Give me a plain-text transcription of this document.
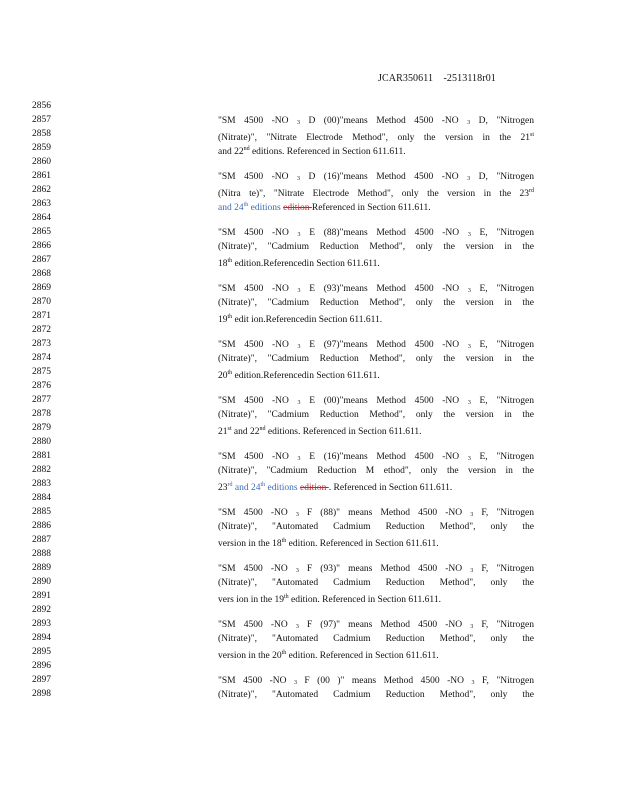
JCAR350611 -2513118r01
2856
2857
2858
2859
2860
2861
2862
2863
2864
2865
2866
2867
2868
2869
2870
2871
2872
2873
2874
2875
2876
2877
2878
2879
2880
2881
2882
2883
2884
2885
2886
2887
2888
2889
2890
2891
2892
2893
2894
2895
2896
2897
2898
"SM 4500 -NO 3 D (00)"means Method 4500 -NO 3 D, "Nitrogen
(Nitrate)", "Nitrate Electrode Method", only the version in the 21st
and 22nd editions. Referenced in Section 611.611.
"SM 4500 -NO 3 D (16)"means Method 4500 -NO 3 D, "Nitrogen
(Nitra te)", "Nitrate Electrode Method", only the version in the 23rd
and 24th editions edition Referenced in Section 611.611.
"SM 4500 -NO 3 E (88)"means Method 4500 -NO 3 E, "Nitrogen
(Nitrate)", "Cadmium Reduction Method", only the version in the
18th edition.Referencedin Section 611.611.
"SM 4500 -NO 3 E (93)"means Method 4500 -NO 3 E, "Nitrogen
(Nitrate)", "Cadmium Reduction Method", only the version in the
19th edit ion.Referencedin Section 611.611.
"SM 4500 -NO 3 E (97)"means Method 4500 -NO 3 E, "Nitrogen
(Nitrate)", "Cadmium Reduction Method", only the version in the
20th edition.Referencedin Section 611.611.
"SM 4500 -NO 3 E (00)"means Method 4500 -NO 3 E, "Nitrogen
(Nitrate)", "Cadmium Reduction Method", only the version in the
21st and 22nd editions. Referenced in Section 611.611.
"SM 4500 -NO 3 E (16)"means Method 4500 -NO 3 E, "Nitrogen
(Nitrate)", "Cadmium Reduction M ethod", only the version in the
23rd and 24th editions edition . Referenced in Section 611.611.
"SM 4500 -NO 3 F (88)" means Method 4500 -NO 3 F, "Nitrogen
(Nitrate)", "Automated Cadmium Reduction Method", only the
version in the 18th edition. Referenced in Section 611.611.
"SM 4500 -NO 3 F (93)" means Method 4500 -NO 3 F, "Nitrogen
(Nitrate)", "Automated Cadmium Reduction Method", only the
vers ion in the 19th edition. Referenced in Section 611.611.
"SM 4500 -NO 3 F (97)" means Method 4500 -NO 3 F, "Nitrogen
(Nitrate)", "Automated Cadmium Reduction Method", only the
version in the 20th edition. Referenced in Section 611.611.
"SM 4500 -NO 3 F (00 )" means Method 4500 -NO 3 F, "Nitrogen
(Nitrate)", "Automated Cadmium Reduction Method", only the
